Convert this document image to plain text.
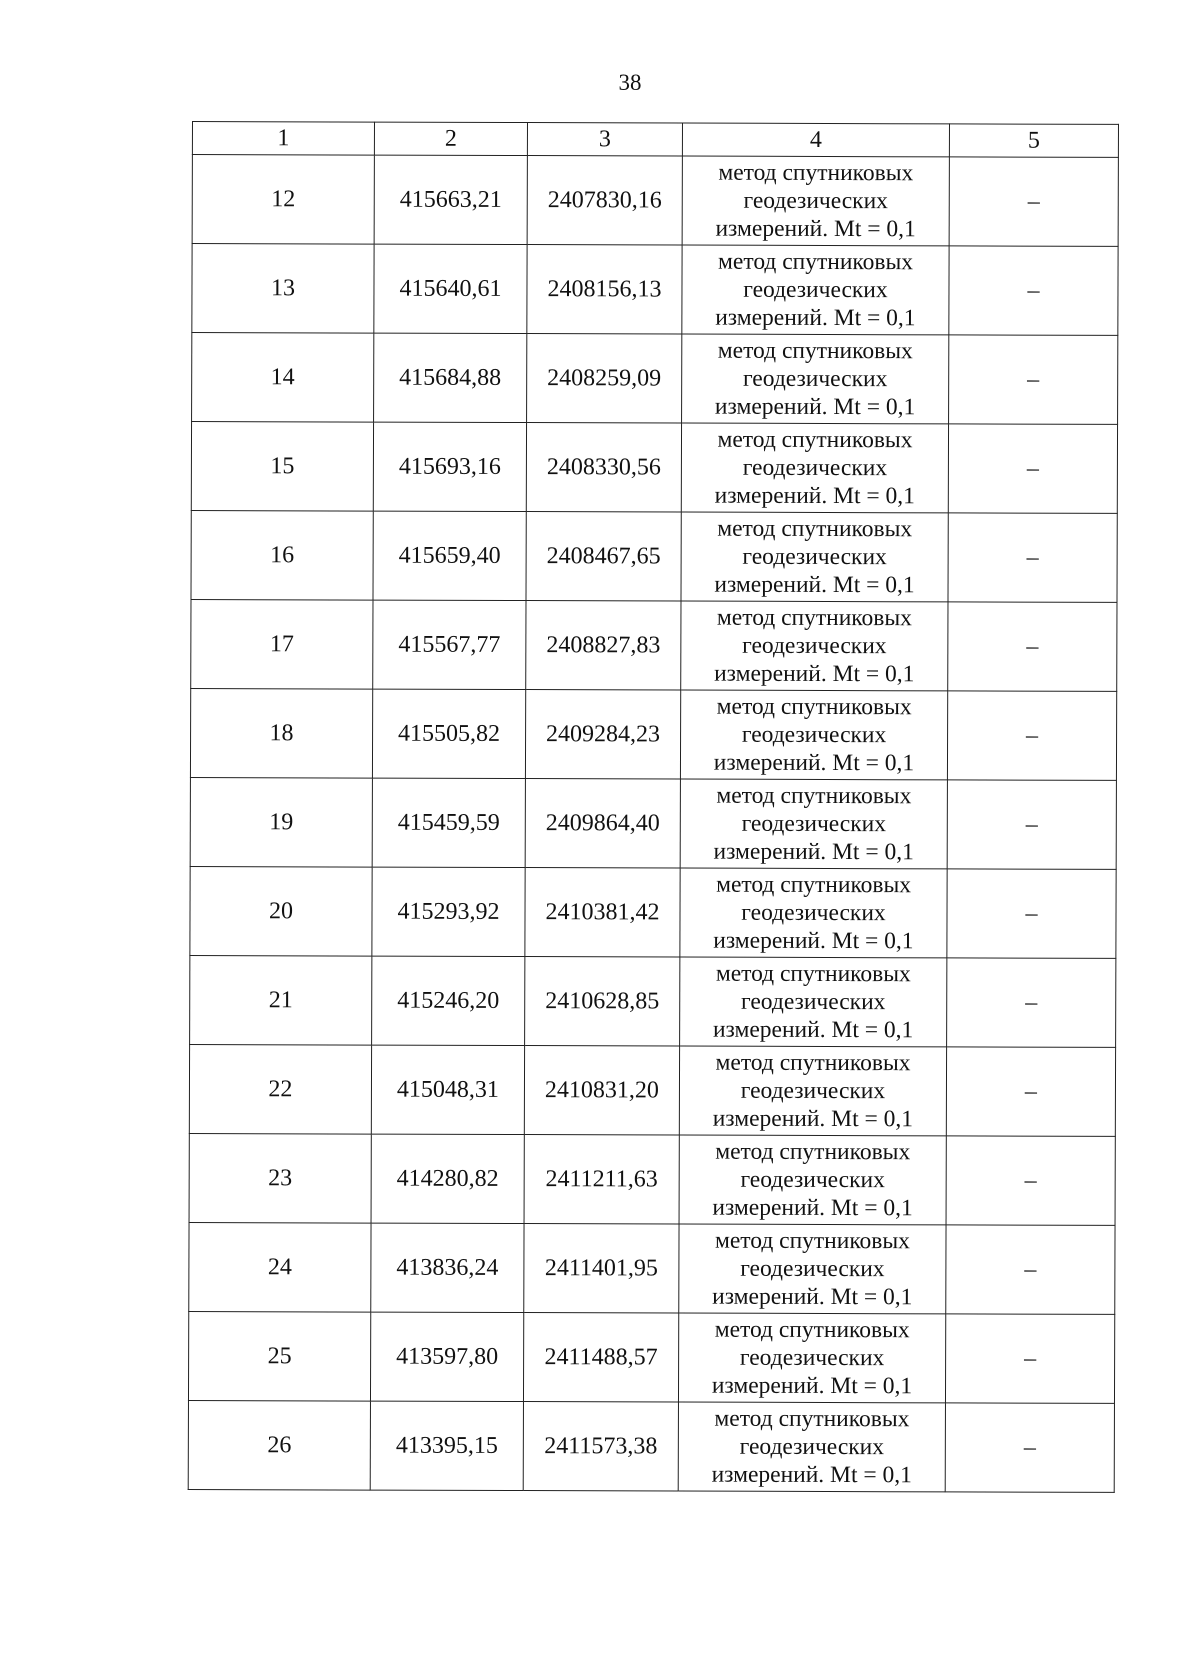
38
1	2	3	4	5
12	415663,21	2407830,16	метод спутниковых
геодезических
измерений. Mt = 0,1	–
13	415640,61	2408156,13	метод спутниковых
геодезических
измерений. Mt = 0,1	–
14	415684,88	2408259,09	метод спутниковых
геодезических
измерений. Mt = 0,1	–
15	415693,16	2408330,56	метод спутниковых
геодезических
измерений. Mt = 0,1	–
16	415659,40	2408467,65	метод спутниковых
геодезических
измерений. Mt = 0,1	–
17	415567,77	2408827,83	метод спутниковых
геодезических
измерений. Mt = 0,1	–
18	415505,82	2409284,23	метод спутниковых
геодезических
измерений. Mt = 0,1	–
19	415459,59	2409864,40	метод спутниковых
геодезических
измерений. Mt = 0,1	–
20	415293,92	2410381,42	метод спутниковых
геодезических
измерений. Mt = 0,1	–
21	415246,20	2410628,85	метод спутниковых
геодезических
измерений. Mt = 0,1	–
22	415048,31	2410831,20	метод спутниковых
геодезических
измерений. Mt = 0,1	–
23	414280,82	2411211,63	метод спутниковых
геодезических
измерений. Mt = 0,1	–
24	413836,24	2411401,95	метод спутниковых
геодезических
измерений. Mt = 0,1	–
25	413597,80	2411488,57	метод спутниковых
геодезических
измерений. Mt = 0,1	–
26	413395,15	2411573,38	метод спутниковых
геодезических
измерений. Mt = 0,1	–
